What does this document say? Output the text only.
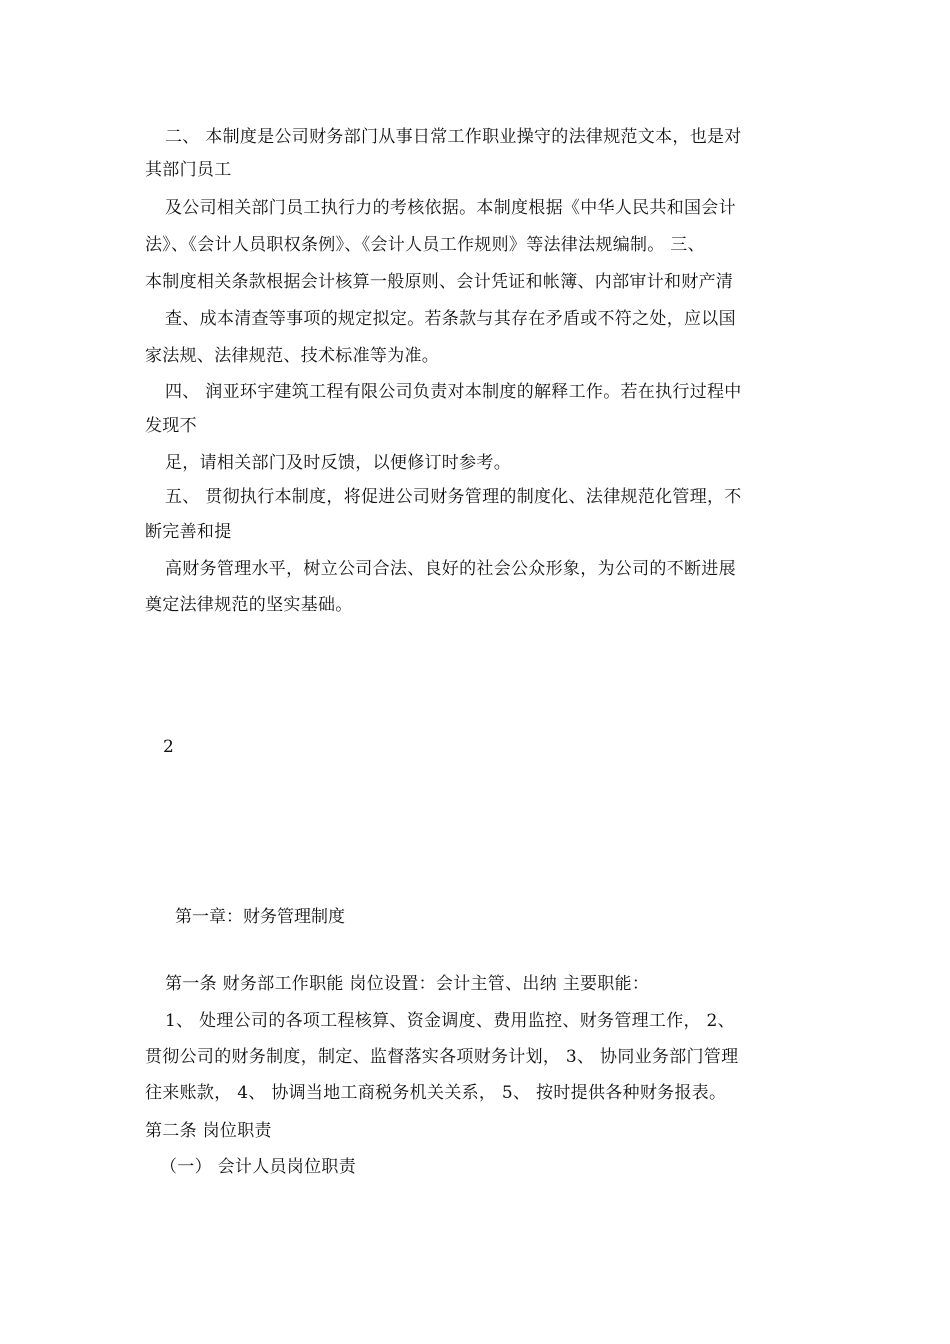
二、 本制度是公司财务部门从事日常工作职业操守的法律规范文本，也是对
其部门员工
及公司相关部门员工执行力的考核依据。本制度根据《中华人民共和国会计
法》、《会计人员职权条例》、《会计人员工作规则》等法律法规编制。 三、
本制度相关条款根据会计核算一般原则、会计凭证和帐簿、内部审计和财产清
查、成本清查等事项的规定拟定。若条款与其存在矛盾或不符之处，应以国
家法规、法律规范、技术标准等为准。
四、 润亚环宇建筑工程有限公司负责对本制度的解释工作。若在执行过程中
发现不
足，请相关部门及时反馈，以便修订时参考。
五、 贯彻执行本制度，将促进公司财务管理的制度化、法律规范化管理，不
断完善和提
高财务管理水平，树立公司合法、良好的社会公众形象，为公司的不断进展
奠定法律规范的坚实基础。
2
第一章：财务管理制度
第一条 财务部工作职能 岗位设置：会计主管、出纳 主要职能：
1、 处理公司的各项工程核算、资金调度、费用监控、财务管理工作， 2、
贯彻公司的财务制度，制定、监督落实各项财务计划， 3、 协同业务部门管理
往来账款， 4、 协调当地工商税务机关关系， 5、 按时提供各种财务报表。
第二条 岗位职责
（一） 会计人员岗位职责
